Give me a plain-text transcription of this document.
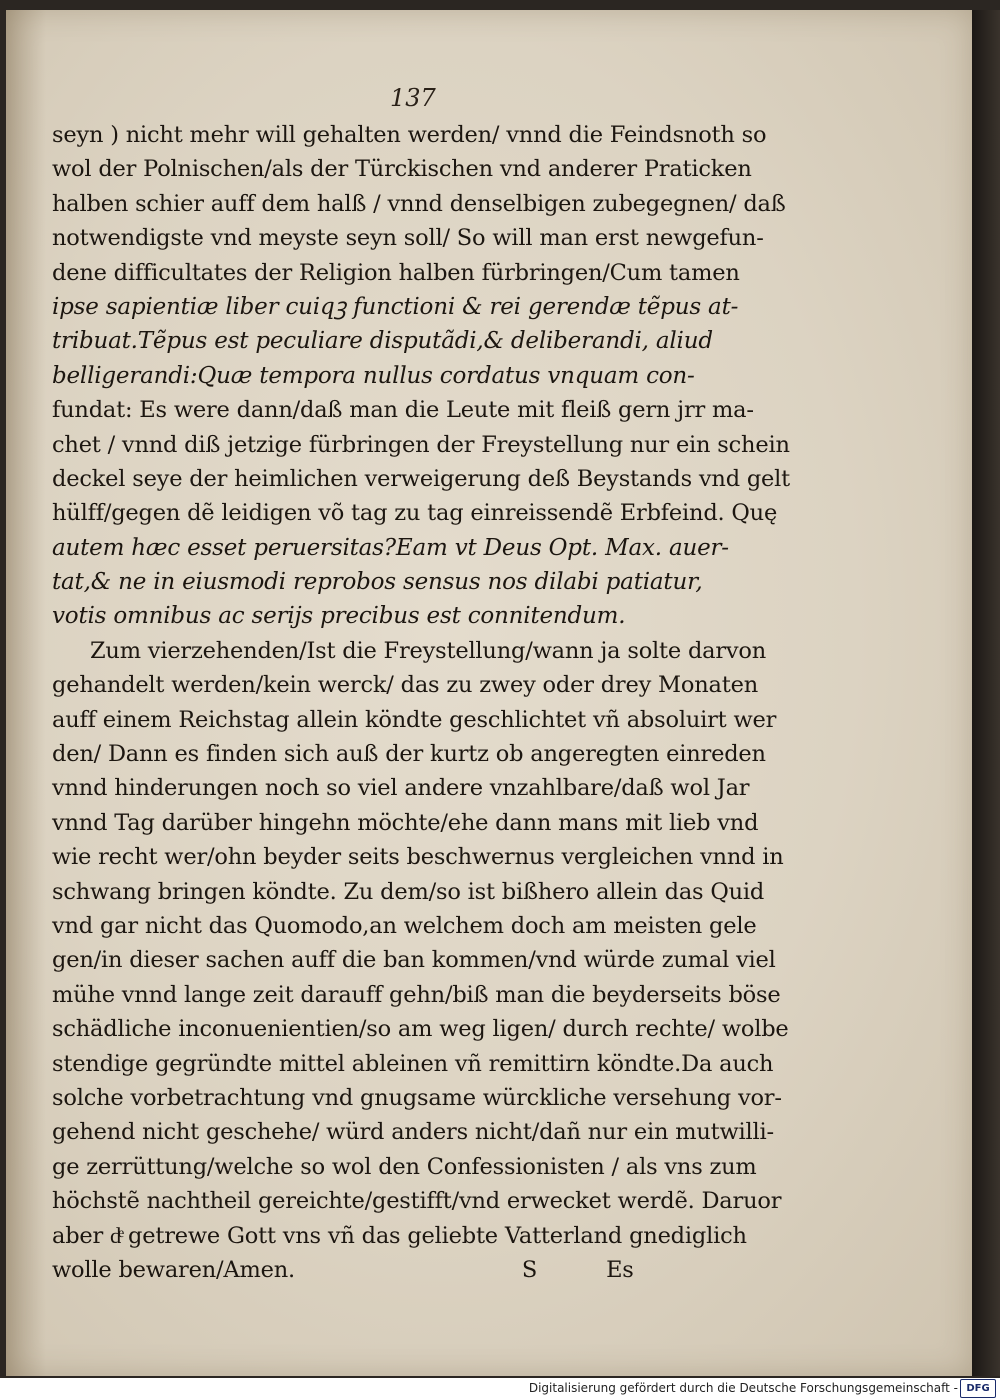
137
seyn ) nicht mehr will gehalten werden/ vnnd die Feindsnoth so
wol der Polnischen/als der Türckischen vnd anderer Praticken
halben schier auff dem halß / vnnd denselbigen zubegegnen/ daß
notwendigste vnd meyste seyn soll/ So will man erst newgefun-
dene difficultates der Religion halben fürbringen/Cum tamen
ipse sapientiæ liber cuiqꝫ functioni & rei gerendæ tẽpus at-
tribuat.Tẽpus est peculiare disputãdi,& deliberandi, aliud
belligerandi:Quæ tempora nullus cordatus vnquam con-
fundat: Es were dann/daß man die Leute mit fleiß gern jrr ma-
chet / vnnd diß jetzige fürbringen der Freystellung nur ein schein
deckel seye der heimlichen verweigerung deß Beystands vnd gelt
hülff/gegen dẽ leidigen võ tag zu tag einreissendẽ Erbfeind. Quę
autem hæc esset peruersitas?Eam vt Deus Opt. Max. auer-
tat,& ne in eiusmodi reprobos sensus nos dilabi patiatur,
votis omnibus ac serijs precibus est connitendum.
Zum vierzehenden/Ist die Freystellung/wann ja solte darvon
gehandelt werden/kein werck/ das zu zwey oder drey Monaten
auff einem Reichstag allein köndte geschlichtet vñ absoluirt wer
den/ Dann es finden sich auß der kurtz ob angeregten einreden
vnnd hinderungen noch so viel andere vnzahlbare/daß wol Jar
vnnd Tag darüber hingehn möchte/ehe dann mans mit lieb vnd
wie recht wer/ohn beyder seits beschwernus vergleichen vnnd in
schwang bringen köndte. Zu dem/so ist bißhero allein das Quid
vnd gar nicht das Quomodo,an welchem doch am meisten gele
gen/in dieser sachen auff die ban kommen/vnd würde zumal viel
mühe vnnd lange zeit darauff gehn/biß man die beyderseits böse
schädliche inconuenientien/so am weg ligen/ durch rechte/ wolbe
stendige gegründte mittel ableinen vñ remittirn köndte.Da auch
solche vorbetrachtung vnd gnugsame würckliche versehung vor-
gehend nicht geschehe/ würd anders nicht/dañ nur ein mutwilli-
ge zerrüttung/welche so wol den Confessionisten / als vns zum
höchstẽ nachtheil gereichte/gestifft/vnd erwecket werdẽ. Daruor
aber dͤ getrewe Gott vns vñ das geliebte Vatterland gnediglich
wolle bewaren/Amen.	S	Es
Digitalisierung gefördert durch die Deutsche Forschungsgemeinschaft - DFG
